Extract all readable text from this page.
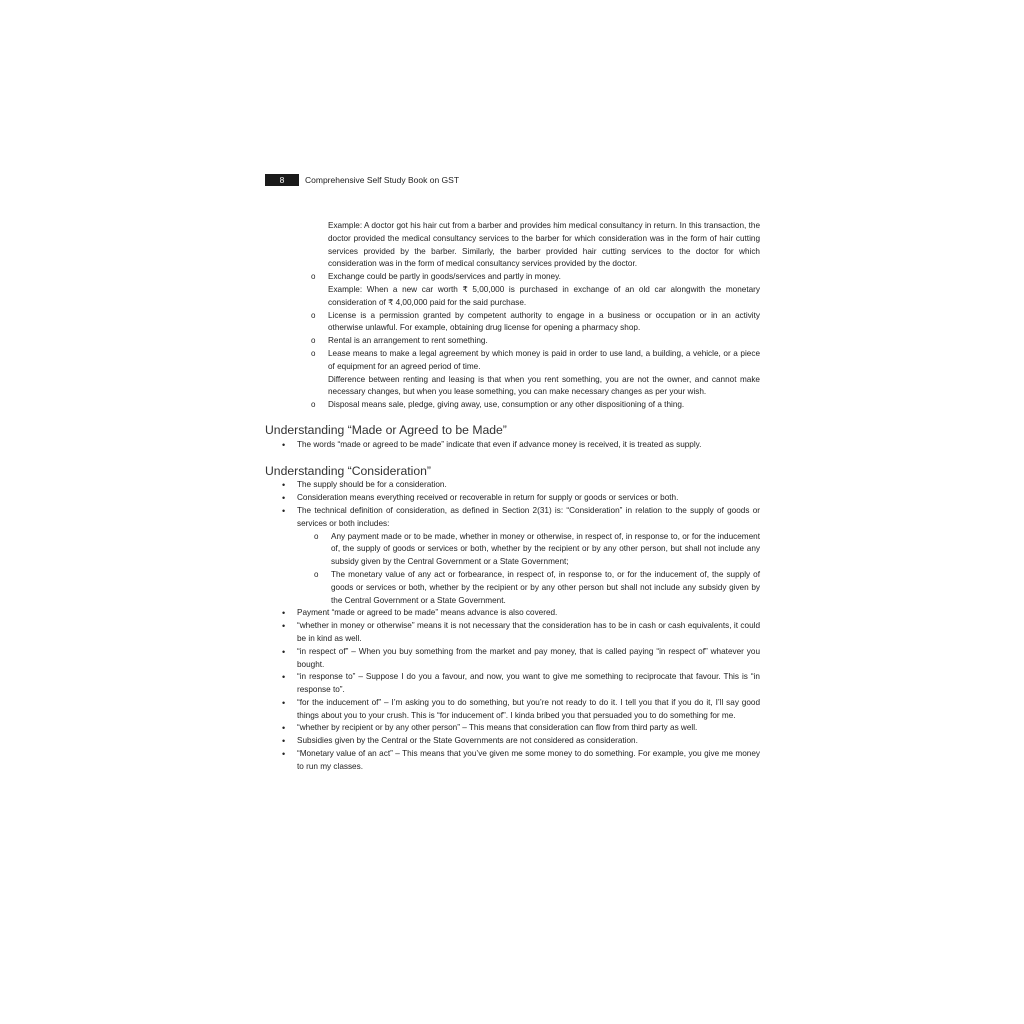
8	Comprehensive Self Study Book on GST

Example: A doctor got his hair cut from a barber and provides him medical consultancy in return. In this transaction, the doctor provided the medical consultancy services to the barber for which consideration was in the form of hair cutting services provided by the barber. Similarly, the barber provided hair cutting services to the doctor for which consideration was in the form of medical consultancy services provided by the doctor.

o Exchange could be partly in goods/services and partly in money.

Example: When a new car worth ₹ 5,00,000 is purchased in exchange of an old car alongwith the monetary consideration of ₹ 4,00,000 paid for the said purchase.

o License is a permission granted by competent authority to engage in a business or occupation or in an activity otherwise unlawful. For example, obtaining drug license for opening a pharmacy shop.

o Rental is an arrangement to rent something.

o Lease means to make a legal agreement by which money is paid in order to use land, a building, a vehicle, or a piece of equipment for an agreed period of time.

Difference between renting and leasing is that when you rent something, you are not the owner, and cannot make necessary changes, but when you lease something, you can make necessary changes as per your wish.

o Disposal means sale, pledge, giving away, use, consumption or any other dispositioning of a thing.

Understanding “Made or Agreed to be Made”
• The words “made or agreed to be made” indicate that even if advance money is received, it is treated as supply.
Understanding “Consideration”
• The supply should be for a consideration.
• Consideration means everything received or recoverable in return for supply or goods or services or both.
• The technical definition of consideration, as defined in Section 2(31) is: “Consideration” in relation to the supply of goods or services or both includes:
o Any payment made or to be made, whether in money or otherwise, in respect of, in response to, or for the inducement of, the supply of goods or services or both, whether by the recipient or by any other person, but shall not include any subsidy given by the Central Government or a State Government;
o The monetary value of any act or forbearance, in respect of, in response to, or for the inducement of, the supply of goods or services or both, whether by the recipient or by any other person but shall not include any subsidy given by the Central Government or a State Government.
• Payment “made or agreed to be made” means advance is also covered.
• “whether in money or otherwise” means it is not necessary that the consideration has to be in cash or cash equivalents, it could be in kind as well.
• “in respect of” – When you buy something from the market and pay money, that is called paying “in respect of” whatever you bought.
• “in response to” – Suppose I do you a favour, and now, you want to give me something to reciprocate that favour. This is “in response to”.
• “for the inducement of” – I’m asking you to do something, but you’re not ready to do it. I tell you that if you do it, I’ll say good things about you to your crush. This is “for inducement of”. I kinda bribed you that persuaded you to do something for me.
• “whether by recipient or by any other person” – This means that consideration can flow from third party as well.
• Subsidies given by the Central or the State Governments are not considered as consideration.
• “Monetary value of an act” – This means that you’ve given me some money to do something. For example, you give me money to run my classes.
